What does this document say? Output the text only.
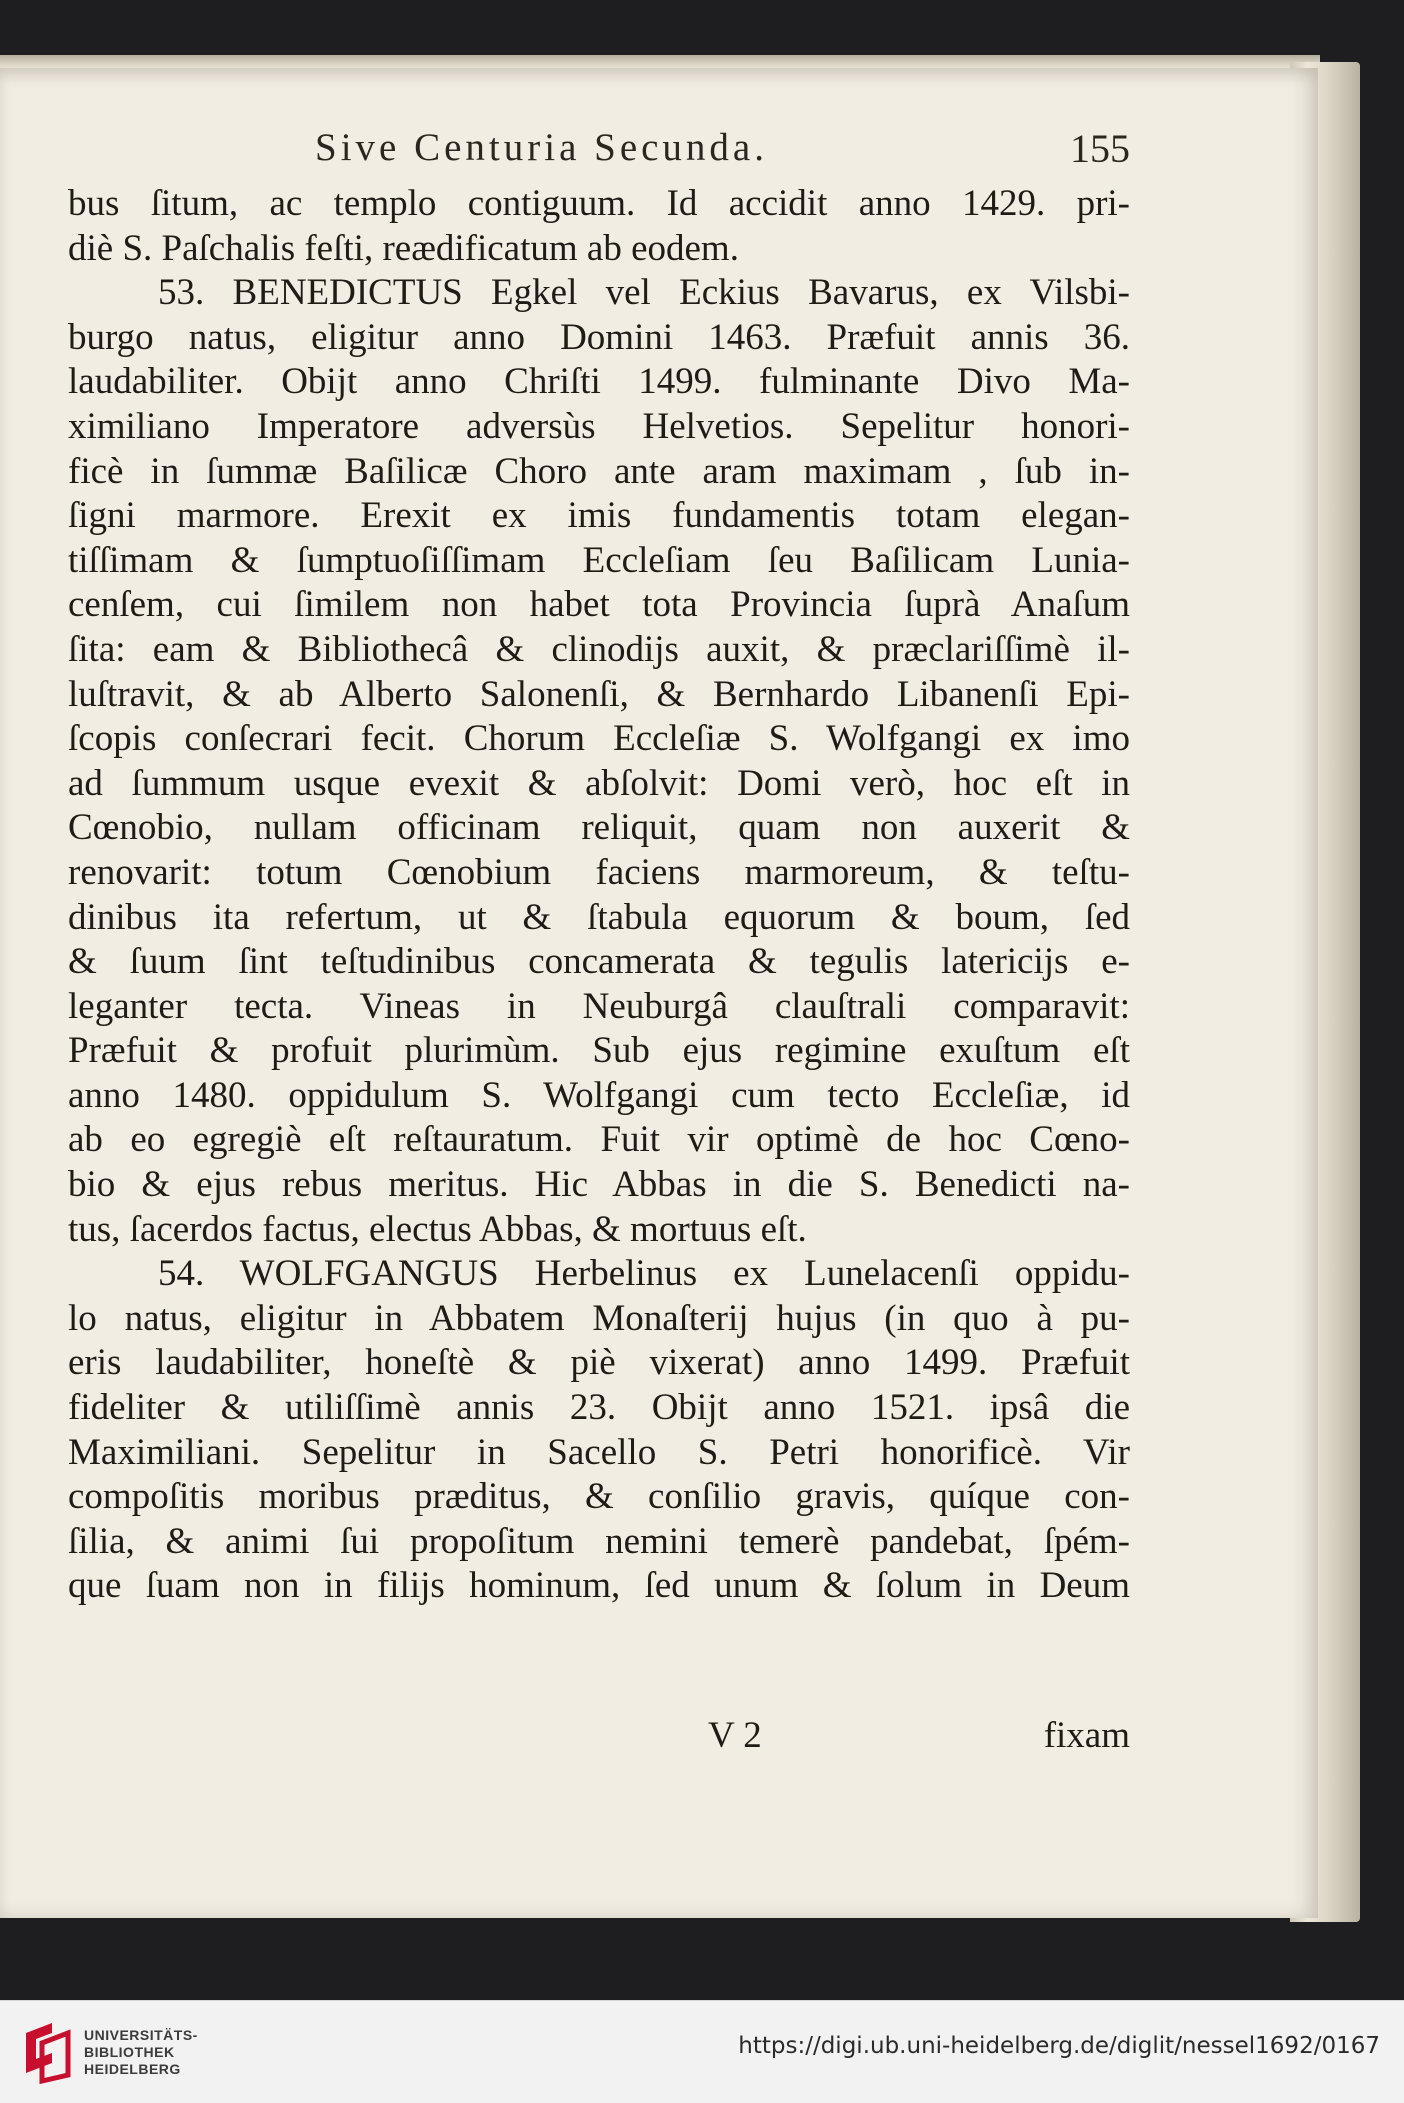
Sive Centuria Secunda.	155
bus ſitum, ac templo contiguum. Id accidit anno 1429. pri-
diè S. Paſchalis feſti, reædificatum ab eodem.
53. BENEDICTUS Egkel vel Eckius Bavarus, ex Vilsbi-
burgo natus, eligitur anno Domini 1463. Præfuit annis 36.
laudabiliter. Obijt anno Chriſti 1499. fulminante Divo Ma-
ximiliano Imperatore adversùs Helvetios. Sepelitur honori-
ficè in ſummæ Baſilicæ Choro ante aram maximam , ſub in-
ſigni marmore. Erexit ex imis fundamentis totam elegan-
tiſſimam & ſumptuoſiſſimam Eccleſiam ſeu Baſilicam Lunia-
cenſem, cui ſimilem non habet tota Provincia ſuprà Anaſum
ſita: eam & Bibliothecâ & clinodijs auxit, & præclariſſimè il-
luſtravit, & ab Alberto Salonenſi, & Bernhardo Libanenſi Epi-
ſcopis conſecrari fecit. Chorum Eccleſiæ S. Wolfgangi ex imo
ad ſummum usque evexit & abſolvit: Domi verò, hoc eſt in
Cœnobio, nullam officinam reliquit, quam non auxerit &
renovarit: totum Cœnobium faciens marmoreum, & teſtu-
dinibus ita refertum, ut & ſtabula equorum & boum, ſed
& ſuum ſint teſtudinibus concamerata & tegulis latericijs e-
leganter tecta. Vineas in Neuburgâ clauſtrali comparavit:
Præfuit & profuit plurimùm. Sub ejus regimine exuſtum eſt
anno 1480. oppidulum S. Wolfgangi cum tecto Eccleſiæ, id
ab eo egregiè eſt reſtauratum. Fuit vir optimè de hoc Cœno-
bio & ejus rebus meritus. Hic Abbas in die S. Benedicti na-
tus, ſacerdos factus, electus Abbas, & mortuus eſt.
54. WOLFGANGUS Herbelinus ex Lunelacenſi oppidu-
lo natus, eligitur in Abbatem Monaſterij hujus (in quo à pu-
eris laudabiliter, honeſtè & piè vixerat) anno 1499. Præfuit
fideliter & utiliſſimè annis 23. Obijt anno 1521. ipsâ die
Maximiliani. Sepelitur in Sacello S. Petri honorificè. Vir
compoſitis moribus præditus, & conſilio gravis, quíque con-
ſilia, & animi ſui propoſitum nemini temerè pandebat, ſpém-
que ſuam non in filijs hominum, ſed unum & ſolum in Deum
V 2	fixam
UNIVERSITÄTS-
BIBLIOTHEK
HEIDELBERG
https://digi.ub.uni-heidelberg.de/diglit/nessel1692/0167
